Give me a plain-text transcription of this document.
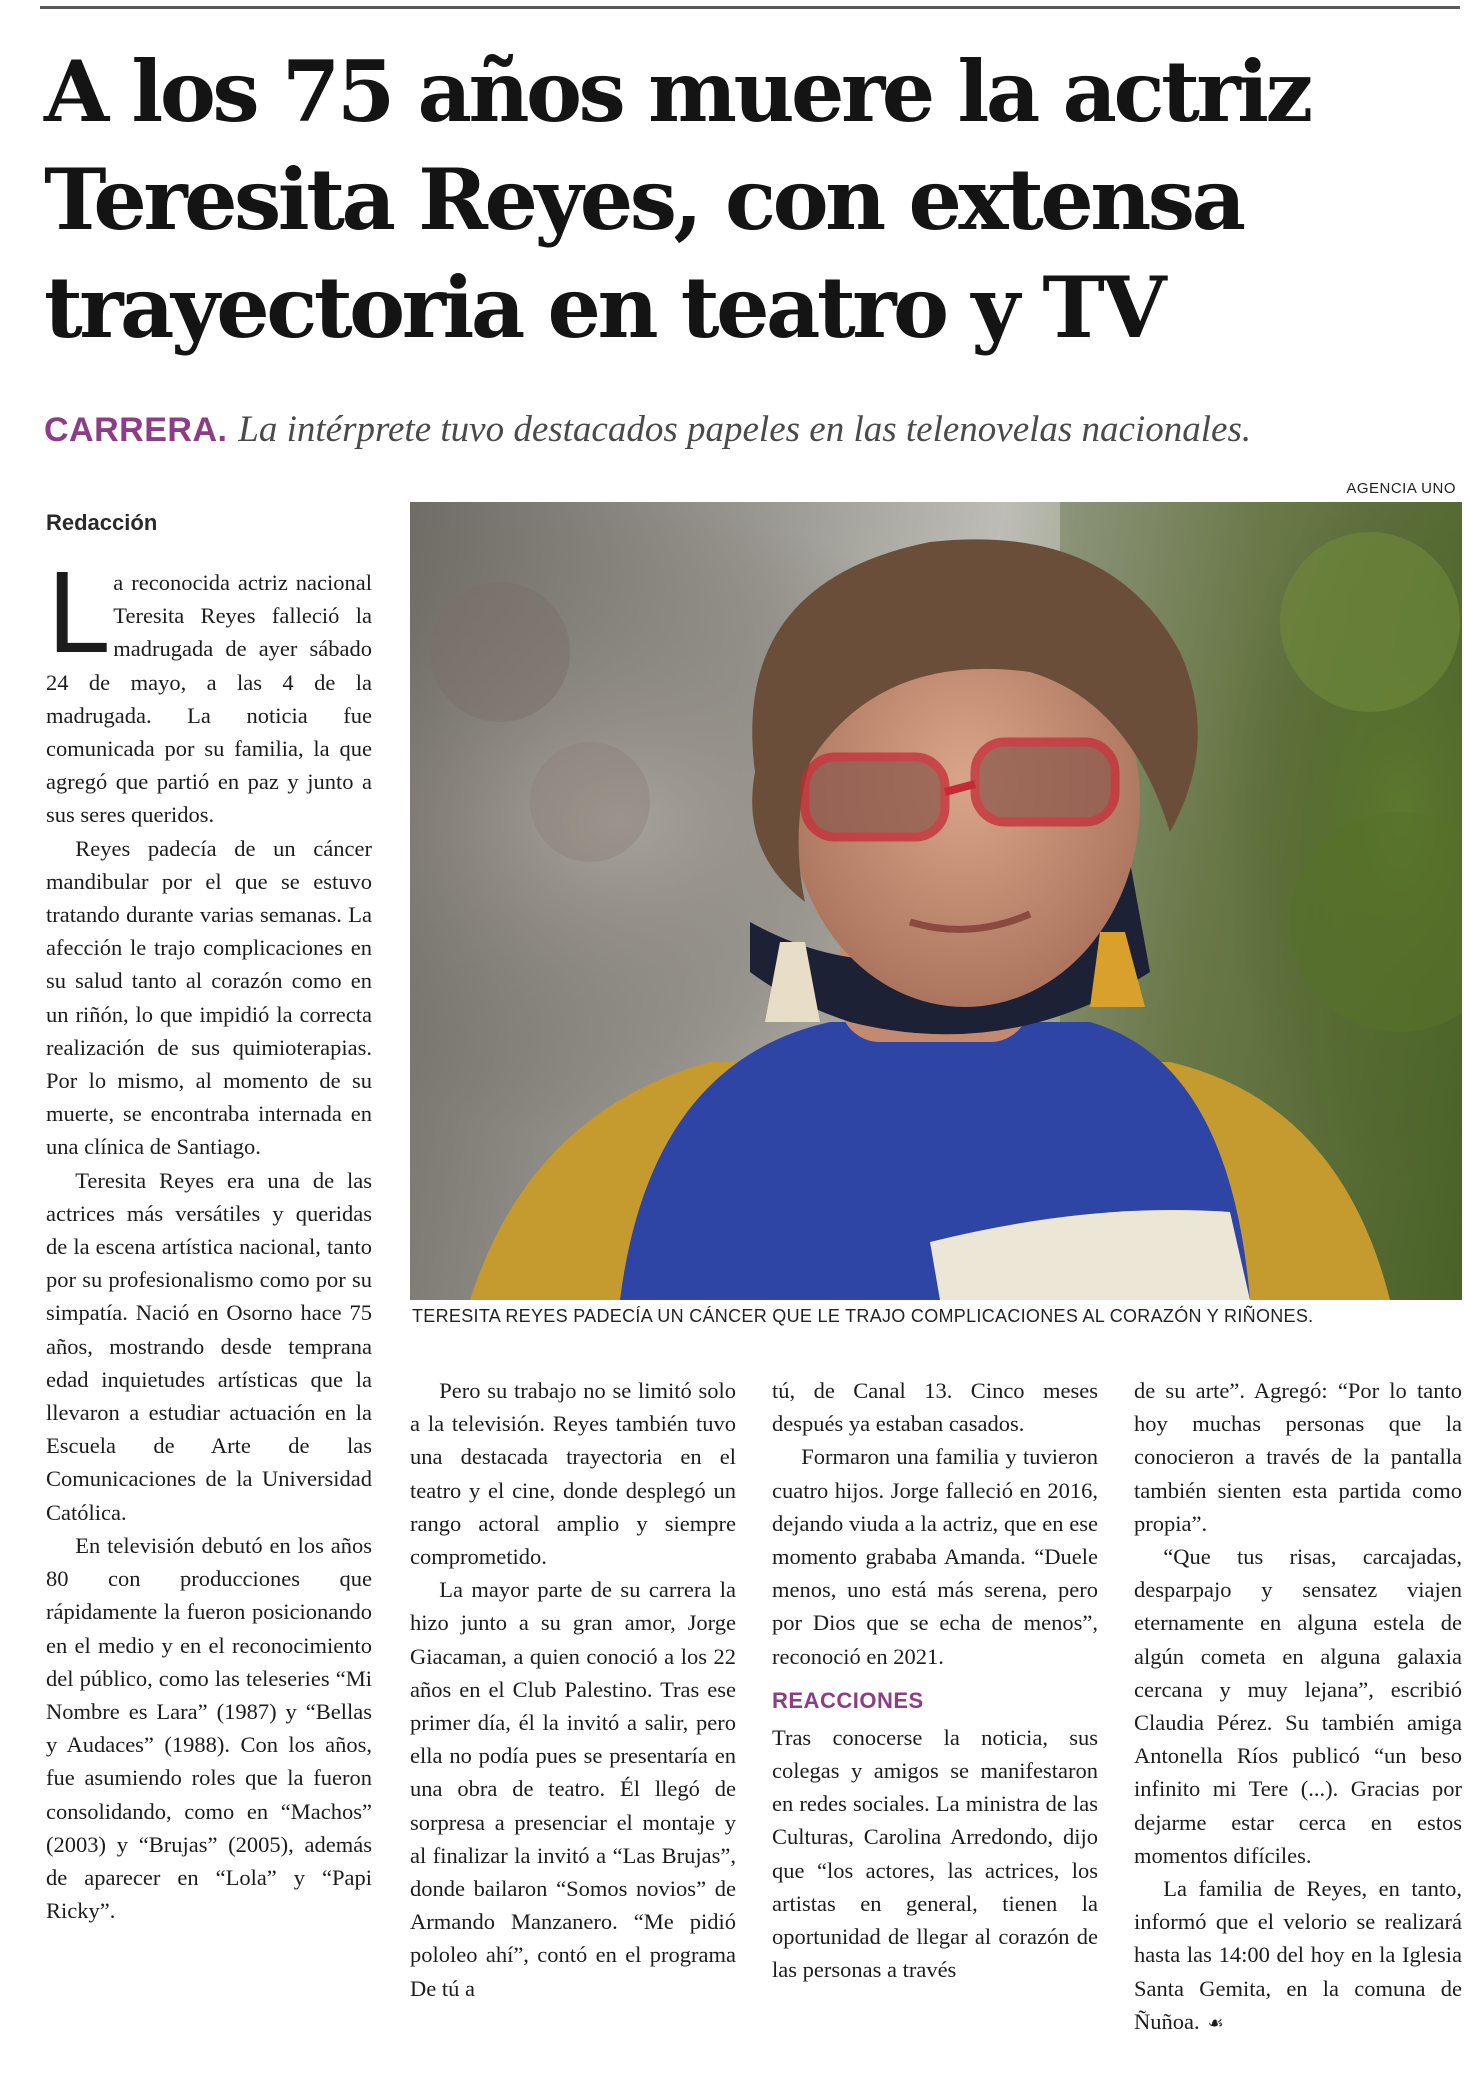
A los 75 años muere la actriz
Teresita Reyes, con extensa
trayectoria en teatro y TV
CARRERA. La intérprete tuvo destacados papeles en las telenovelas nacionales.
AGENCIA UNO
TERESITA REYES PADECÍA UN CÁNCER QUE LE TRAJO COMPLICACIONES AL CORAZÓN Y RIÑONES.
Redacción

La reconocida actriz nacional Teresita Reyes falleció la madrugada de ayer sábado 24 de mayo, a las 4 de la madrugada. La noticia fue comunicada por su familia, la que agregó que partió en paz y junto a sus seres queridos.

Reyes padecía de un cáncer mandibular por el que se estuvo tratando durante varias semanas. La afección le trajo complicaciones en su salud tanto al corazón como en un riñón, lo que impidió la correcta realización de sus quimioterapias. Por lo mismo, al momento de su muerte, se encontraba internada en una clínica de Santiago.

Teresita Reyes era una de las actrices más versátiles y queridas de la escena artística nacional, tanto por su profesionalismo como por su simpatía. Nació en Osorno hace 75 años, mostrando desde temprana edad inquietudes artísticas que la llevaron a estudiar actuación en la Escuela de Arte de las Comunicaciones de la Universidad Católica.

En televisión debutó en los años 80 con producciones que rápidamente la fueron posicionando en el medio y en el reconocimiento del público, como las teleseries “Mi Nombre es Lara” (1987) y “Bellas y Audaces” (1988). Con los años, fue asumiendo roles que la fueron consolidando, como en “Machos” (2003) y “Brujas” (2005), además de aparecer en “Lola” y “Papi Ricky”.

Pero su trabajo no se limitó solo a la televisión. Reyes también tuvo una destacada trayectoria en el teatro y el cine, donde desplegó un rango actoral amplio y siempre comprometido.

La mayor parte de su carrera la hizo junto a su gran amor, Jorge Giacaman, a quien conoció a los 22 años en el Club Palestino. Tras ese primer día, él la invitó a salir, pero ella no podía pues se presentaría en una obra de teatro. Él llegó de sorpresa a presenciar el montaje y al finalizar la invitó a “Las Brujas”, donde bailaron “Somos novios” de Armando Manzanero. “Me pidió pololeo ahí”, contó en el programa De tú a

tú, de Canal 13. Cinco meses después ya estaban casados.

Formaron una familia y tuvieron cuatro hijos. Jorge falleció en 2016, dejando viuda a la actriz, que en ese momento grababa Amanda. “Duele menos, uno está más serena, pero por Dios que se echa de menos”, reconoció en 2021.

REACCIONES

Tras conocerse la noticia, sus colegas y amigos se manifestaron en redes sociales. La ministra de las Culturas, Carolina Arredondo, dijo que “los actores, las actrices, los artistas en general, tienen la oportunidad de llegar al corazón de las personas a través

de su arte”. Agregó: “Por lo tanto hoy muchas personas que la conocieron a través de la pantalla también sienten esta partida como propia”.

“Que tus risas, carcajadas, desparpajo y sensatez viajen eternamente en alguna estela de algún cometa en alguna galaxia cercana y muy lejana”, escribió Claudia Pérez. Su también amiga Antonella Ríos publicó “un beso infinito mi Tere (...). Gracias por dejarme estar cerca en estos momentos difíciles.

La familia de Reyes, en tanto, informó que el velorio se realizará hasta las 14:00 del hoy en la Iglesia Santa Gemita, en la comuna de Ñuñoa. ☙
